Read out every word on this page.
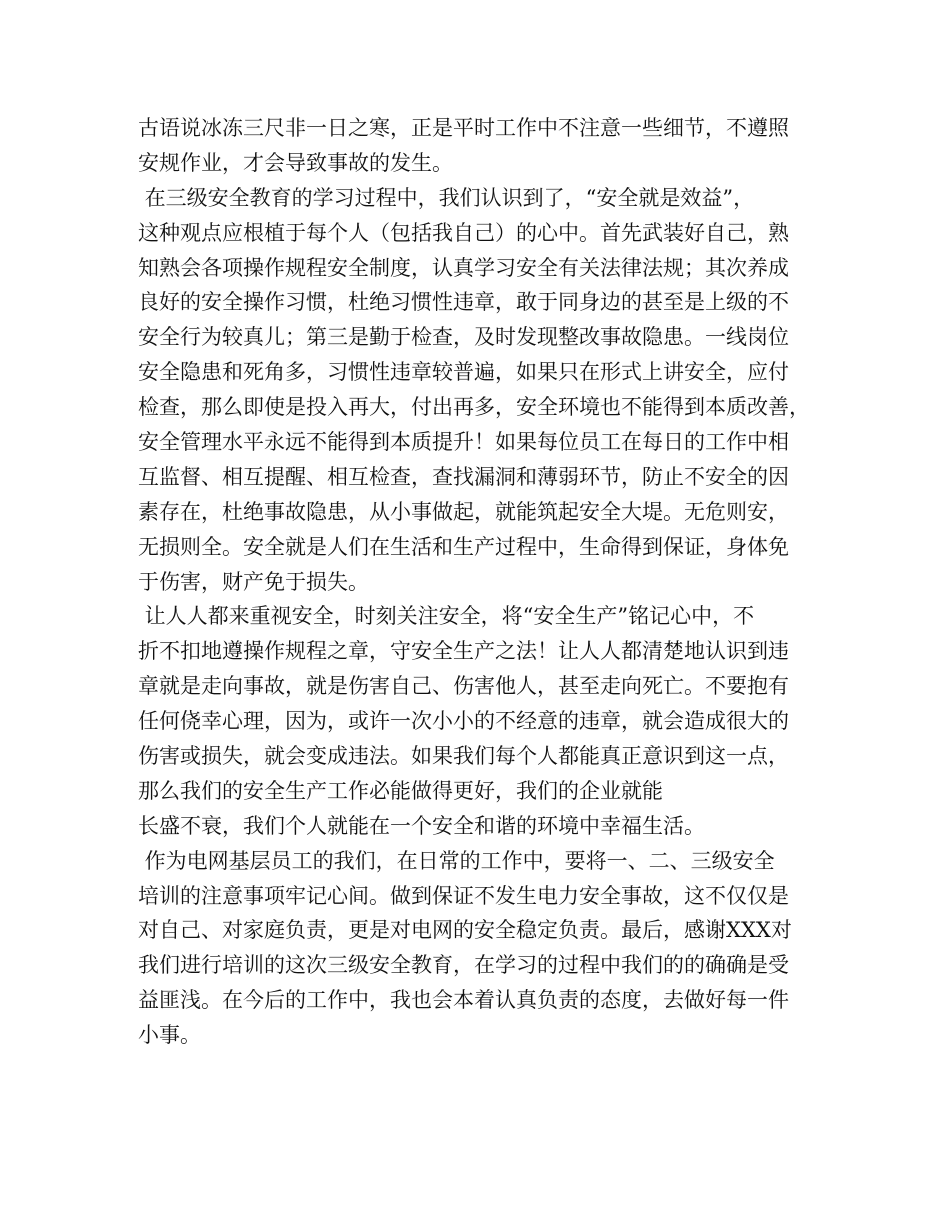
古语说冰冻三尺非一日之寒，正是平时工作中不注意一些细节，不遵照
安规作业，才会导致事故的发生。
在三级安全教育的学习过程中，我们认识到了，“安全就是效益”，
这种观点应根植于每个人（包括我自己）的心中。首先武装好自己，熟
知熟会各项操作规程安全制度，认真学习安全有关法律法规；其次养成
良好的安全操作习惯，杜绝习惯性违章，敢于同身边的甚至是上级的不
安全行为较真儿；第三是勤于检查，及时发现整改事故隐患。一线岗位
安全隐患和死角多，习惯性违章较普遍，如果只在形式上讲安全，应付
检查，那么即使是投入再大，付出再多，安全环境也不能得到本质改善，
安全管理水平永远不能得到本质提升！如果每位员工在每日的工作中相
互监督、相互提醒、相互检查，查找漏洞和薄弱环节，防止不安全的因
素存在，杜绝事故隐患，从小事做起，就能筑起安全大堤。无危则安，
无损则全。安全就是人们在生活和生产过程中，生命得到保证，身体免
于伤害，财产免于损失。
让人人都来重视安全，时刻关注安全，将“安全生产”铭记心中，不
折不扣地遵操作规程之章，守安全生产之法！让人人都清楚地认识到违
章就是走向事故，就是伤害自己、伤害他人，甚至走向死亡。不要抱有
任何侥幸心理，因为，或许一次小小的不经意的违章，就会造成很大的
伤害或损失，就会变成违法。如果我们每个人都能真正意识到这一点，
那么我们的安全生产工作必能做得更好，我们的企业就能
长盛不衰，我们个人就能在一个安全和谐的环境中幸福生活。
作为电网基层员工的我们，在日常的工作中，要将一、二、三级安全
培训的注意事项牢记心间。做到保证不发生电力安全事故，这不仅仅是
对自己、对家庭负责，更是对电网的安全稳定负责。最后，感谢XXX对
我们进行培训的这次三级安全教育，在学习的过程中我们的的确确是受
益匪浅。在今后的工作中，我也会本着认真负责的态度，去做好每一件
小事。
